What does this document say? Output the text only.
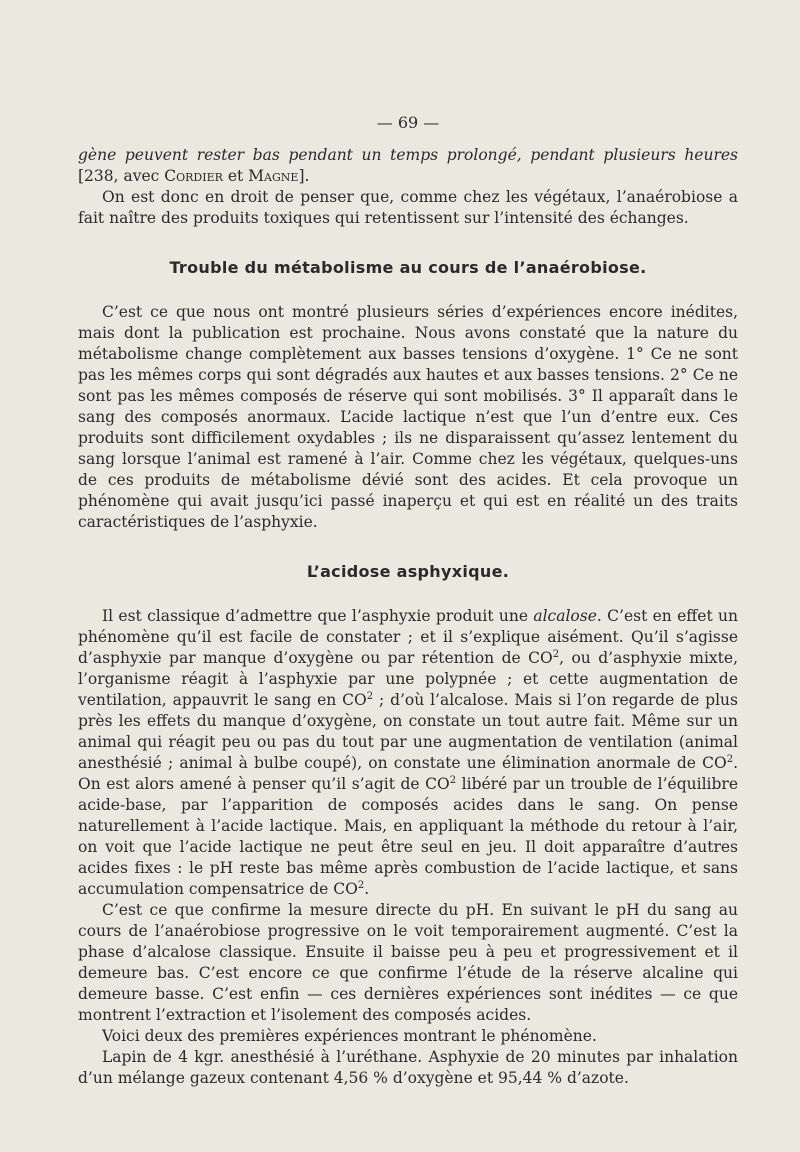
— 69 —

gène peuvent rester bas pendant un temps prolongé, pendant plusieurs heures [238, avec Cordier et Magne].

On est donc en droit de penser que, comme chez les végétaux, l’anaérobiose a fait naître des produits toxiques qui retentissent sur l’intensité des échanges.

Trouble du métabolisme au cours de l’anaérobiose.

C’est ce que nous ont montré plusieurs séries d’expériences encore inédites, mais dont la publication est prochaine. Nous avons constaté que la nature du métabolisme change complètement aux basses tensions d’oxygène. 1° Ce ne sont pas les mêmes corps qui sont dégradés aux hautes et aux basses tensions. 2° Ce ne sont pas les mêmes composés de réserve qui sont mobilisés. 3° Il apparaît dans le sang des composés anormaux. L’acide lactique n’est que l’un d’entre eux. Ces produits sont difficilement oxydables ; ils ne disparaissent qu’assez lentement du sang lorsque l’animal est ramené à l’air. Comme chez les végétaux, quelques-uns de ces produits de métabolisme dévié sont des acides. Et cela provoque un phénomène qui avait jusqu’ici passé inaperçu et qui est en réalité un des traits caractéristiques de l’asphyxie.

L’acidose asphyxique.

Il est classique d’admettre que l’asphyxie produit une alcalose. C’est en effet un phénomène qu’il est facile de constater ; et il s’explique aisément. Qu’il s’agisse d’asphyxie par manque d’oxygène ou par rétention de $CO^2$, ou d’asphyxie mixte, l’organisme réagit à l’asphyxie par une polypnée ; et cette augmentation de ventilation, appauvrit le sang en $CO^2$ ; d’où l’alcalose. Mais si l’on regarde de plus près les effets du manque d’oxygène, on constate un tout autre fait. Même sur un animal qui réagit peu ou pas du tout par une augmentation de ventilation (animal anesthésié ; animal à bulbe coupé), on constate une élimination anormale de $CO^2$. On est alors amené à penser qu’il s’agit de $CO^2$ libéré par un trouble de l’équilibre acide-base, par l’apparition de composés acides dans le sang. On pense naturellement à l’acide lactique. Mais, en appliquant la méthode du retour à l’air, on voit que l’acide lactique ne peut être seul en jeu. Il doit apparaître d’autres acides fixes : le pH reste bas même après combustion de l’acide lactique, et sans accumulation compensatrice de $CO^2$.

C’est ce que confirme la mesure directe du pH. En suivant le pH du sang au cours de l’anaérobiose progressive on le voit temporairement augmenté. C’est la phase d’alcalose classique. Ensuite il baisse peu à peu et progressivement et il demeure bas. C’est encore ce que confirme l’étude de la réserve alcaline qui demeure basse. C’est enfin — ces dernières expériences sont inédites — ce que montrent l’extraction et l’isolement des composés acides.

Voici deux des premières expériences montrant le phénomène.

Lapin de 4 kgr. anesthésié à l’uréthane. Asphyxie de 20 minutes par inhalation d’un mélange gazeux contenant 4,56 % d’oxygène et 95,44 % d’azote.
